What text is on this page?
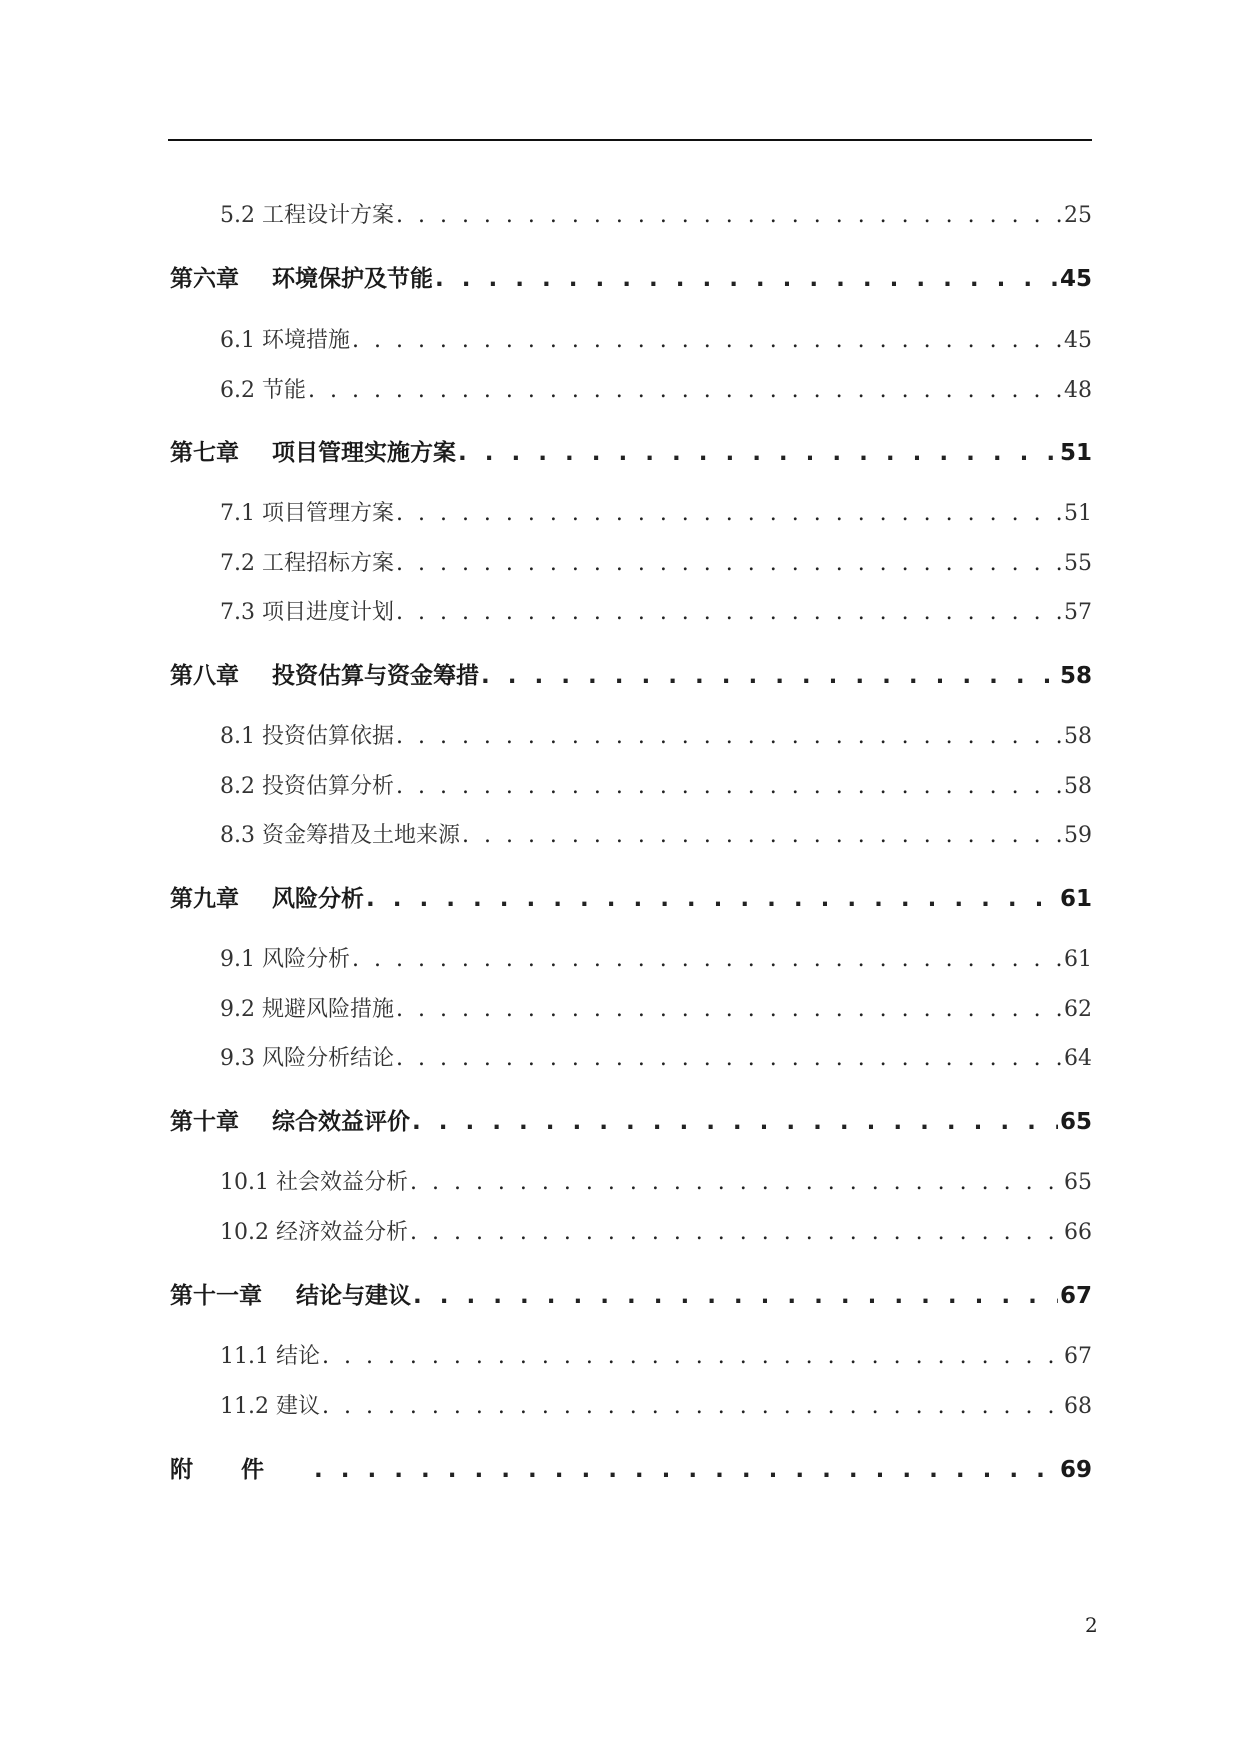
5.2 工程设计方案 . . .	25
第六章 环境保护及节能 . . .	45
6.1 环境措施 . . .	45
6.2 节能 . . .	48
第七章 项目管理实施方案 . . .	51
7.1 项目管理方案 . . .	51
7.2 工程招标方案 . . .	55
7.3 项目进度计划 . . .	57
第八章 投资估算与资金筹措 . . .	58
8.1 投资估算依据 . . .	58
8.2 投资估算分析 . . .	58
8.3 资金筹措及土地来源 . . .	59
第九章 风险分析 . . .	61
9.1 风险分析 . . .	61
9.2 规避风险措施 . . .	62
9.3 风险分析结论 . . .	64
第十章 综合效益评价 . . .	65
10.1 社会效益分析 . . .	65
10.2 经济效益分析 . . .	66
第十一章 结论与建议 . . .	67
11.1 结论 . . .	67
11.2 建议 . . .	68
附件 . . .	69
2
